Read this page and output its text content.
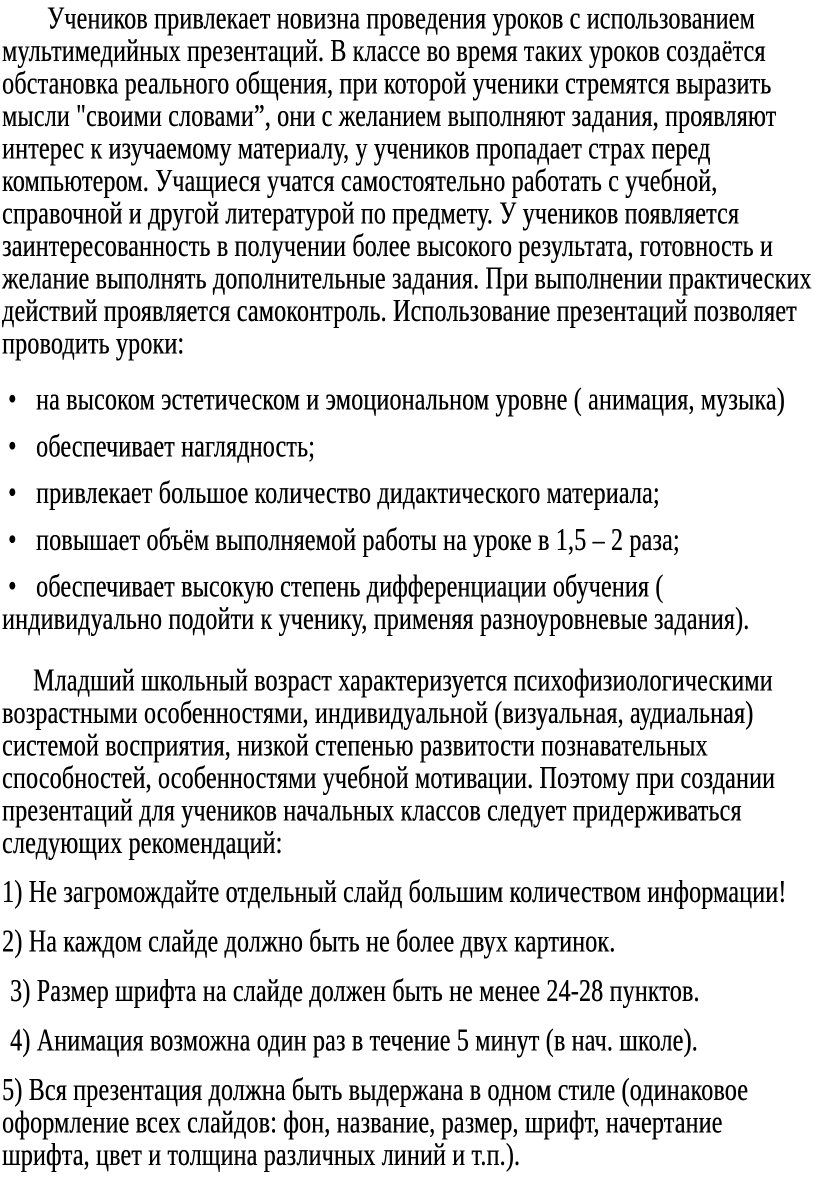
Учеников привлекает новизна проведения уроков с использованием
мультимедийных презентаций. В классе во время таких уроков создаётся
обстановка реального общения, при которой ученики стремятся выразить
мысли "своими словами”, они с желанием выполняют задания, проявляют
интерес к изучаемому материалу, у учеников пропадает страх перед
компьютером. Учащиеся учатся самостоятельно работать с учебной,
справочной и другой литературой по предмету. У учеников появляется
заинтересованность в получении более высокого результата, готовность и
желание выполнять дополнительные задания. При выполнении практических
действий проявляется самоконтроль. Использование презентаций позволяет
проводить уроки:
• на высоком эстетическом и эмоциональном уровне ( анимация, музыка)
• обеспечивает наглядность;
• привлекает большое количество дидактического материала;
• повышает объём выполняемой работы на уроке в 1,5 – 2 раза;
• обеспечивает высокую степень дифференциации обучения (
индивидуально подойти к ученику, применяя разноуровневые задания).
Младший школьный возраст характеризуется психофизиологическими
возрастными особенностями, индивидуальной (визуальная, аудиальная)
системой восприятия, низкой степенью развитости познавательных
способностей, особенностями учебной мотивации. Поэтому при создании
презентаций для учеников начальных классов следует придерживаться
следующих рекомендаций:
1) Не загромождайте отдельный слайд большим количеством информации!
2) На каждом слайде должно быть не более двух картинок.
3) Размер шрифта на слайде должен быть не менее 24-28 пунктов.
4) Анимация возможна один раз в течение 5 минут (в нач. школе).
5) Вся презентация должна быть выдержана в одном стиле (одинаковое
оформление всех слайдов: фон, название, размер, шрифт, начертание
шрифта, цвет и толщина различных линий и т.п.).
